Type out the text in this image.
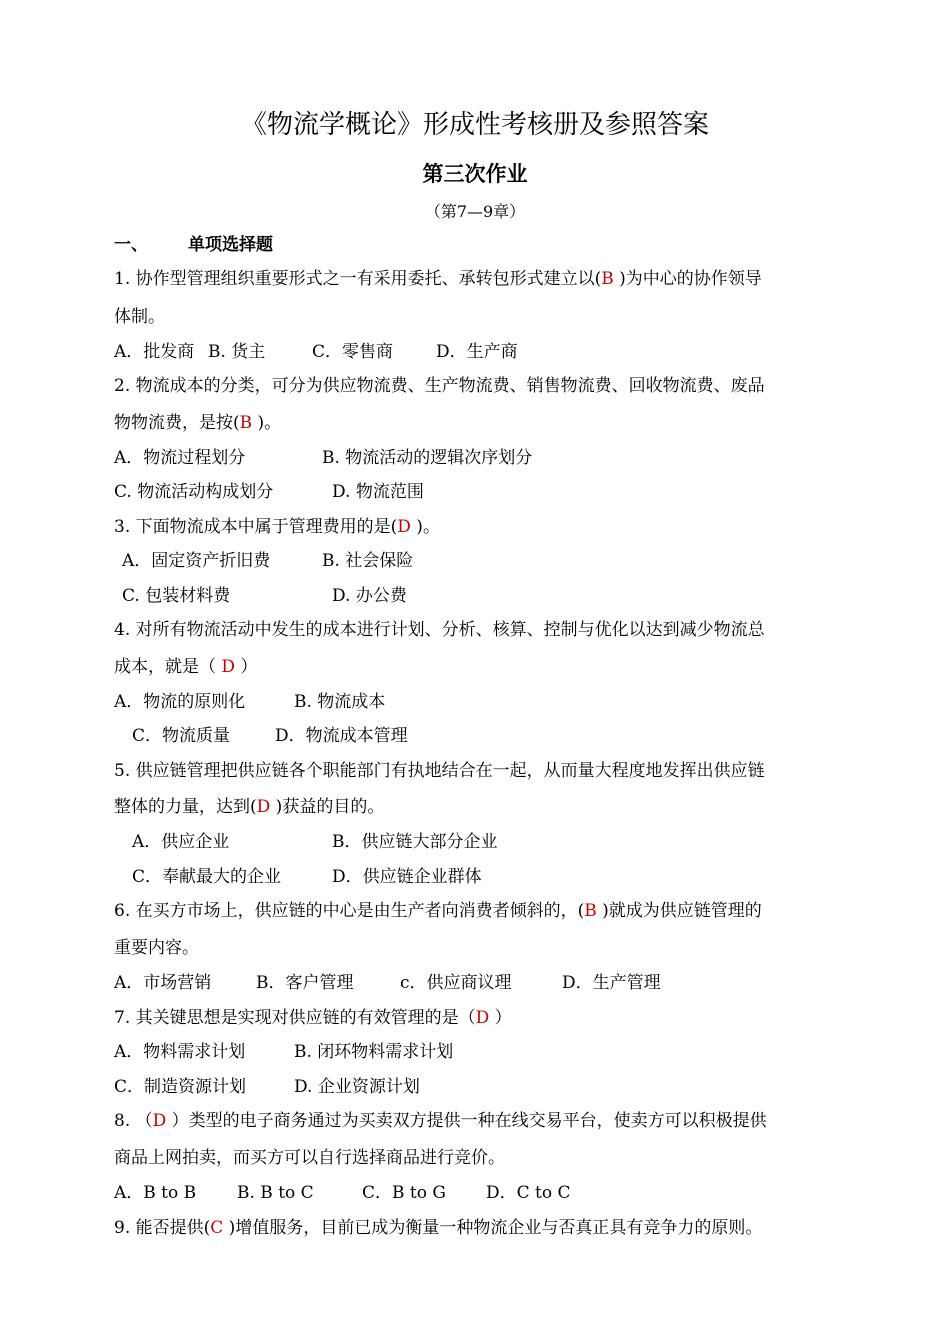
《物流学概论》形成性考核册及参照答案
第三次作业
（第7—9章）
一、 单项选择题
1. 协作型管理组织重要形式之一有采用委托、承转包形式建立以(B )为中心的协作领导
体制。
A．批发商 B. 货主	C．零售商	D．生产商
2. 物流成本的分类，可分为供应物流费、生产物流费、销售物流费、回收物流费、废品
物物流费，是按(B )。
A．物流过程划分	B. 物流活动的逻辑次序划分
C. 物流活动构成划分	D. 物流范围
3. 下面物流成本中属于管理费用的是(D )。
A．固定资产折旧费	B. 社会保险
C. 包装材料费	D. 办公费
4. 对所有物流活动中发生的成本进行计划、分析、核算、控制与优化以达到减少物流总
成本，就是（ D ）
A．物流的原则化	B. 物流成本
C．物流质量	D．物流成本管理
5. 供应链管理把供应链各个职能部门有执地结合在一起，从而量大程度地发挥出供应链
整体的力量，达到(D )获益的目的。
A．供应企业	B．供应链大部分企业
C．奉献最大的企业	D．供应链企业群体
6. 在买方市场上，供应链的中心是由生产者向消费者倾斜的，(B )就成为供应链管理的
重要内容。
A．市场营销	B．客户管理	c．供应商议理	D．生产管理
7. 其关键思想是实现对供应链的有效管理的是（D ）
A．物料需求计划	B. 闭环物料需求计划
C．制造资源计划	D. 企业资源计划
8. （D ）类型的电子商务通过为买卖双方提供一种在线交易平台，使卖方可以积极提供
商品上网拍卖，而买方可以自行选择商品进行竞价。
A．B to B B. B to C	C．B to G D．C to C
9. 能否提供(C )增值服务，目前已成为衡量一种物流企业与否真正具有竞争力的原则。
